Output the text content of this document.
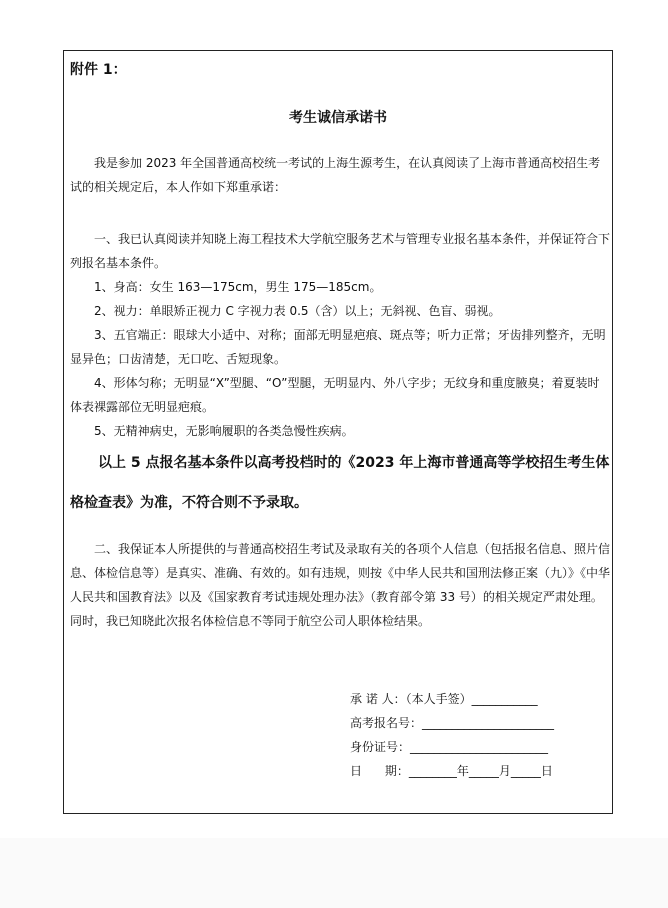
附件 1：
考生诚信承诺书
我是参加 2023 年全国普通高校统一考试的上海生源考生，在认真阅读了上海市普通高校招生考试的相关规定后，本人作如下郑重承诺：
一、我已认真阅读并知晓上海工程技术大学航空服务艺术与管理专业报名基本条件，并保证符合下列报名基本条件。
1、身高：女生 163—175cm，男生 175—185cm。
2、视力：单眼矫正视力 C 字视力表 0.5（含）以上；无斜视、色盲、弱视。
3、五官端正：眼球大小适中、对称；面部无明显疤痕、斑点等；听力正常；牙齿排列整齐，无明显异色；口齿清楚，无口吃、舌短现象。
4、形体匀称；无明显“X”型腿、“O”型腿，无明显内、外八字步；无纹身和重度腋臭；着夏装时体表裸露部位无明显疤痕。
5、无精神病史，无影响履职的各类急慢性疾病。
以上 5 点报名基本条件以高考投档时的《2023 年上海市普通高等学校招生考生体格检查表》为准，不符合则不予录取。
二、我保证本人所提供的与普通高校招生考试及录取有关的各项个人信息（包括报名信息、照片信息、体检信息等）是真实、准确、有效的。如有违规，则按《中华人民共和国刑法修正案（九）》《中华人民共和国教育法》以及《国家教育考试违规处理办法》（教育部令第 33 号）的相关规定严肃处理。同时，我已知晓此次报名体检信息不等同于航空公司人职体检结果。
承 诺 人：（本人手签）___________
高考报名号：______________________
身份证号：_______________________
日      期：________年_____月_____日
